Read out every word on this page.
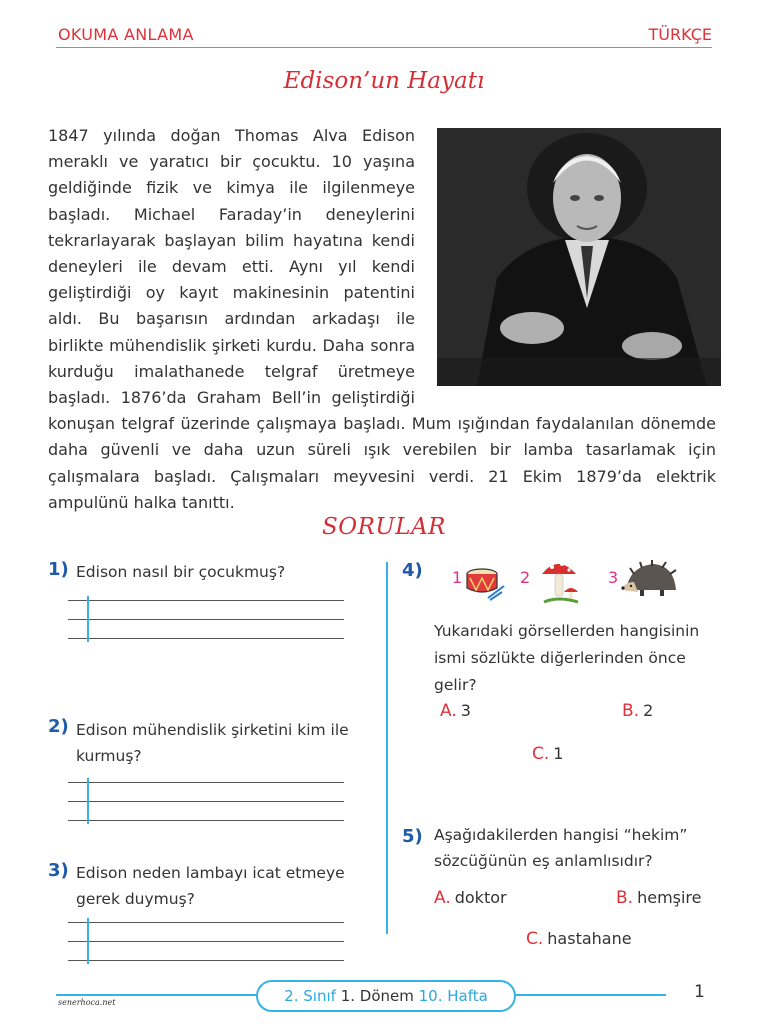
OKUMA ANLAMA	TÜRKÇE
Edison’un Hayatı

1847 yılında doğan Thomas Alva Edison meraklı ve yaratıcı bir çocuktu. 10 yaşına geldiğinde fizik ve kimya ile ilgilenmeye başladı. Michael Faraday’in deneylerini tekrarlayarak başlayan bilim hayatına kendi deneyleri ile devam etti. Aynı yıl kendi geliştirdiği oy kayıt makinesinin patentini aldı. Bu başarısın ardından arkadaşı ile birlikte mühendislik şirketi kurdu. Daha sonra kurduğu imalathanede telgraf üretmeye başladı. 1876’da Graham Bell’in geliştirdiği konuşan telgraf üzerinde çalışmaya başladı. Mum ışığından faydalanılan dönemde daha güvenli ve daha uzun süreli ışık verebilen bir lamba tasarlamak için çalışmalara başladı. Çalışmaları meyvesini verdi. 21 Ekim 1879’da elektrik ampulünü halka tanıttı.

SORULAR
1) Edison nasıl bir çocukmuş?
2) Edison mühendislik şirketini kim ile kurmuş?
3) Edison neden lambayı icat etmeye gerek duymuş?
4) 1	2	3
Yukarıdaki görsellerden hangisinin ismi sözlükte diğerlerinden önce gelir?
A. 3	B. 2
C. 1
5) Aşağıdakilerden hangisi “hekim” sözcüğünün eş anlamlısıdır?
A. doktor	B. hemşire
C. hastahane
2. Sınıf 1. Dönem 10. Hafta	1
senerhoca.net
